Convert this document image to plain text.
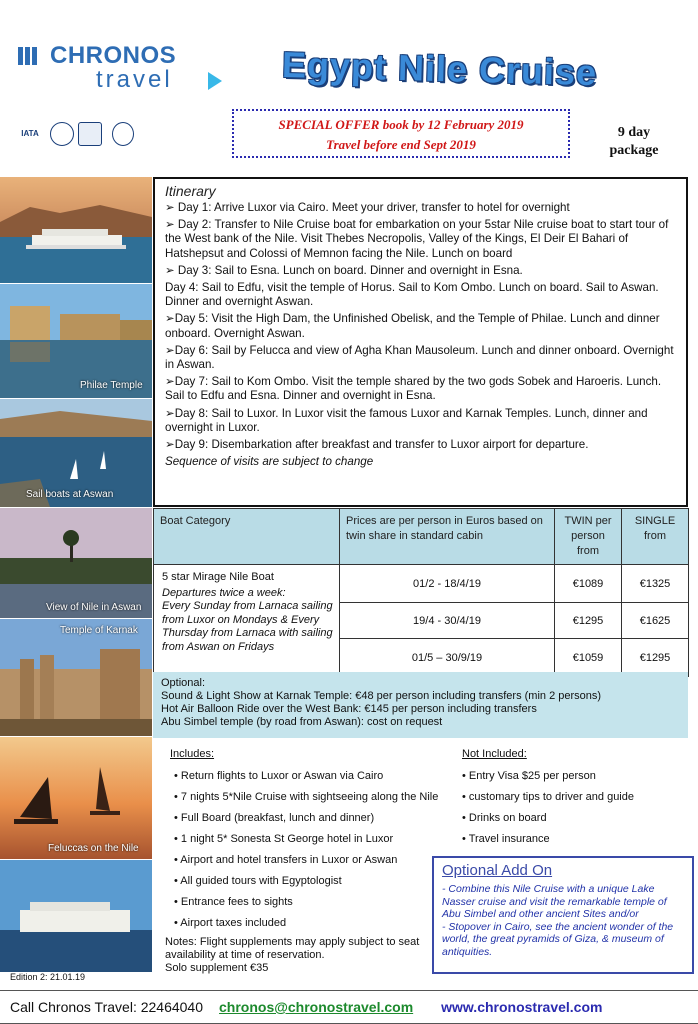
CHRONOS
travel	Egypt Nile Cruise
IATA
SPECIAL OFFER book by 12 February 2019
Travel before end Sept 2019
9 day
package
Philae Temple
Sail boats at Aswan
View of Nile in Aswan
Temple of Karnak
Feluccas on the Nile
Itinerary

➢ Day 1: Arrive Luxor via Cairo. Meet your driver, transfer to hotel for overnight

➢ Day 2: Transfer to Nile Cruise boat for embarkation on your 5star Nile cruise boat to start tour of the West bank of the Nile. Visit Thebes Necropolis, Valley of the Kings, El Deir El Bahari of Hatshepsut and Colossi of Memnon facing the Nile. Lunch on board

➢ Day 3: Sail to Esna. Lunch on board. Dinner and overnight in Esna.

Day 4: Sail to Edfu, visit the temple of Horus. Sail to Kom Ombo. Lunch on board. Sail to Aswan. Dinner and overnight Aswan.

➢Day 5: Visit the High Dam, the Unfinished Obelisk, and the Temple of Philae. Lunch and dinner onboard. Overnight Aswan.

➢Day 6: Sail by Felucca and view of Agha Khan Mausoleum. Lunch and dinner onboard. Overnight in Aswan.

➢Day 7: Sail to Kom Ombo. Visit the temple shared by the two gods Sobek and Haroeris. Lunch. Sail to Edfu and Esna. Dinner and overnight in Esna.

➢Day 8: Sail to Luxor. In Luxor visit the famous Luxor and Karnak Temples. Lunch, dinner and overnight in Luxor.

➢Day 9: Disembarkation after breakfast and transfer to Luxor airport for departure.

Sequence of visits are subject to change

Boat Category	Prices are per person in Euros based on twin share in standard cabin	TWIN per person from	SINGLE from

5 star Mirage Nile Boat
Departures twice a week:
Every Sunday from Larnaca sailing from Luxor on Mondays & Every Thursday from Larnaca with sailing from Aswan on Fridays	01/2 - 18/4/19	€1089	€1325
	19/4 - 30/4/19	€1295	€1625
	01/5 – 30/9/19	€1059	€1295
Optional:
Sound & Light Show at Karnak Temple: €48 per person including transfers (min 2 persons)
Hot Air Balloon Ride over the West Bank: €145 per person including transfers
Abu Simbel temple (by road from Aswan): cost on request
Includes:
• Return flights to Luxor or Aswan via Cairo
• 7 nights 5*Nile Cruise with sightseeing along the Nile
• Full Board (breakfast, lunch and dinner)
• 1 night 5* Sonesta St George hotel in Luxor
• Airport and hotel transfers in Luxor or Aswan
• All guided tours with Egyptologist
• Entrance fees to sights
• Airport taxes included
Notes: Flight supplements may apply subject to seat availability at time of reservation.
Solo supplement €35
Not Included:
• Entry Visa $25 per person
• customary tips to driver and guide
• Drinks on board
• Travel insurance
Optional Add On

- Combine this Nile Cruise with a unique Lake Nasser cruise and visit the remarkable temple of Abu Simbel and other ancient Sites and/or

- Stopover in Cairo, see the ancient wonder of the world, the great pyramids of Giza, & museum of antiquities.

Edition 2: 21.01.19
Call Chronos Travel: 22464040 chronos@chronostravel.com www.chronostravel.com
